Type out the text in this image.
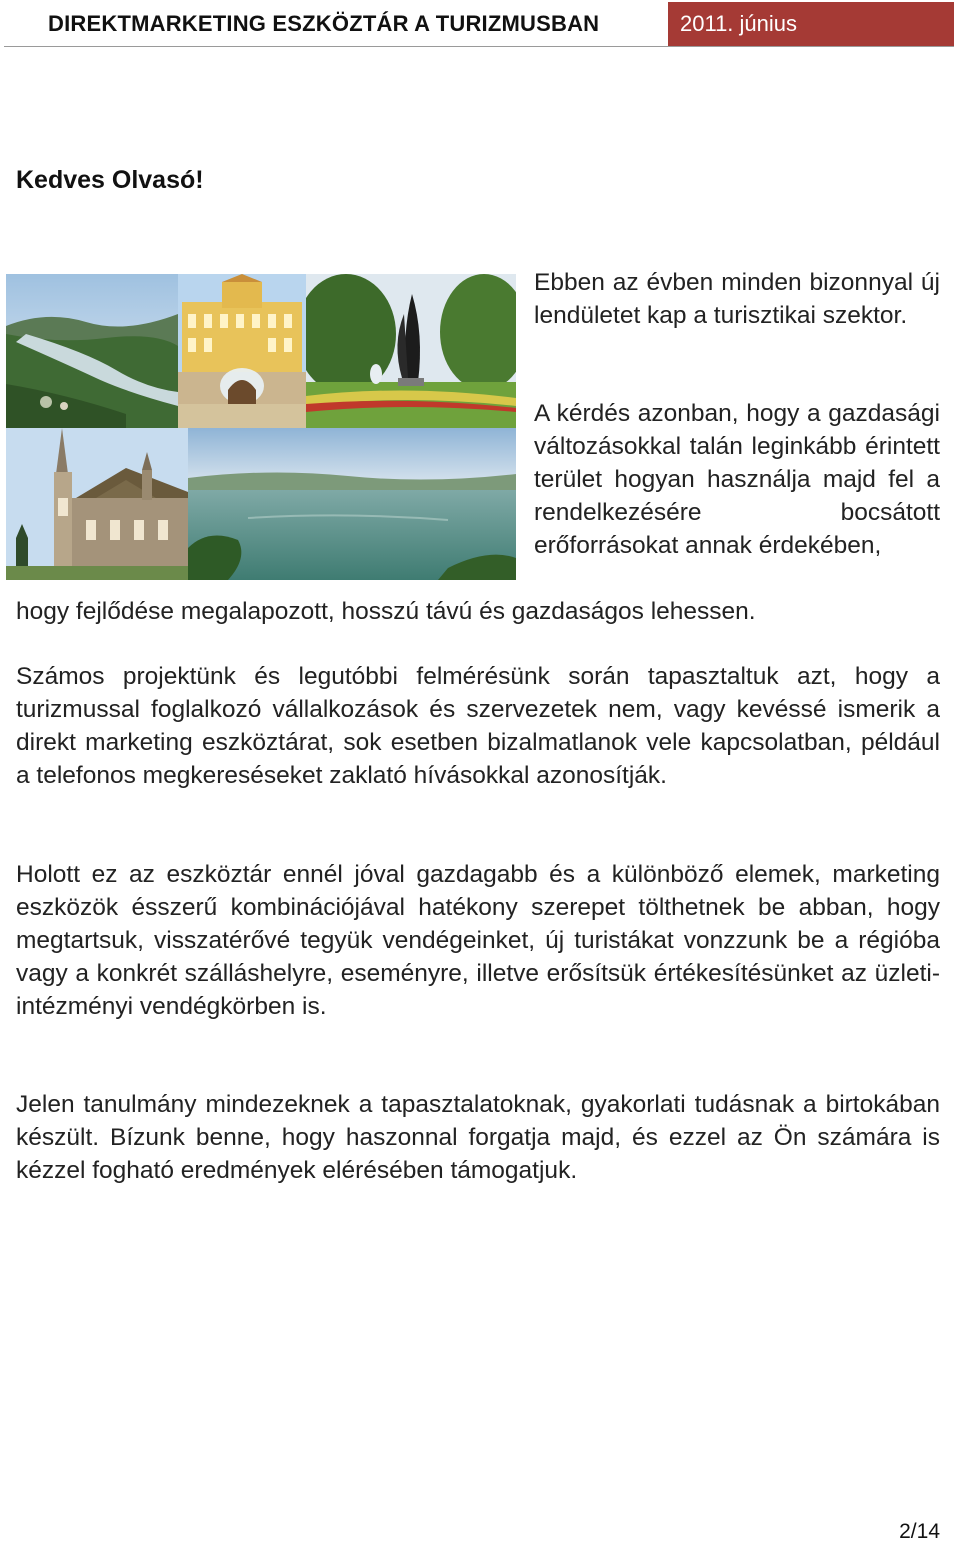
DIREKTMARKETING ESZKÖZTÁR A TURIZMUSBAN	2011. június

Kedves Olvasó!

Ebben az évben minden bizonnyal új lendületet kap a turisztikai szektor.

A kérdés azonban, hogy a gazdasági változásokkal talán leginkább érintett terület hogyan használja majd fel a rendelkezésére bocsátott erőforrásokat annak érdekében,

hogy fejlődése megalapozott, hosszú távú és gazdaságos lehessen.

Számos projektünk és legutóbbi felmérésünk során tapasztaltuk azt, hogy a turizmussal foglalkozó vállalkozások és szervezetek nem, vagy kevéssé ismerik a direkt marketing eszköztárat, sok esetben bizalmatlanok vele kapcsolatban, például a telefonos megkereséseket zaklató hívásokkal azonosítják.

Holott ez az eszköztár ennél jóval gazdagabb és a különböző elemek, marketing eszközök ésszerű kombinációjával hatékony szerepet tölthetnek be abban, hogy megtartsuk, visszatérővé tegyük vendégeinket, új turistákat vonzzunk be a régióba vagy a konkrét szálláshelyre, eseményre, illetve erősítsük értékesítésünket az üzleti-intézményi vendégkörben is.

Jelen tanulmány mindezeknek a tapasztalatoknak, gyakorlati tudásnak a birtokában készült. Bízunk benne, hogy haszonnal forgatja majd, és ezzel az Ön számára is kézzel fogható eredmények elérésében támogatjuk.

2/14
